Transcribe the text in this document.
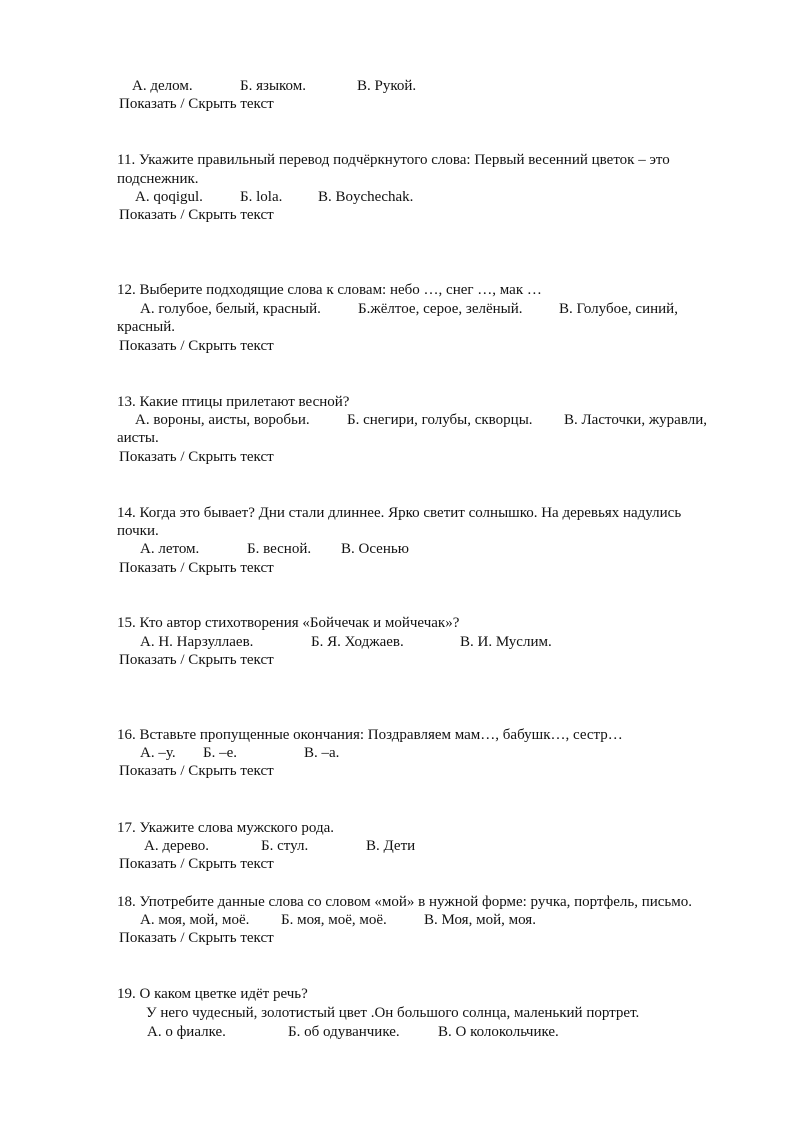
А. делом.	Б. языком.	В. Рукой.
Показать / Скрыть текст
11. Укажите правильный перевод подчёркнутого слова: Первый весенний цветок – это
подснежник.
А. qoqigul. Б. lola. В. Boychechak.
Показать / Скрыть текст
12. Выберите подходящие слова к словам: небо …, снег …, мак …
А. голубое, белый, красный. Б.жёлтое, серое, зелёный. В. Голубое, синий,
красный.
Показать / Скрыть текст
13. Какие птицы прилетают весной?
А. вороны, аисты, воробьи. Б. снегири, голубы, скворцы. В. Ласточки, журавли,
аисты.
Показать / Скрыть текст
14. Когда это бывает? Дни стали длиннее. Ярко светит солнышко. На деревьях надулись
почки.
А. летом.	Б. весной. В. Осенью
Показать / Скрыть текст
15. Кто автор стихотворения «Бойчечак и мойчечак»?
А. Н. Нарзуллаев.	Б. Я. Ходжаев.	В. И. Муслим.
Показать / Скрыть текст
16. Вставьте пропущенные окончания: Поздравляем мам…, бабушк…, сестр…
А. –у. Б. –е.	В. –а.
Показать / Скрыть текст
17. Укажите слова мужского рода.
А. дерево.	Б. стул.	В. Дети
Показать / Скрыть текст
18. Употребите данные слова со словом «мой» в нужной форме: ручка, портфель, письмо.
А. моя, мой, моё. Б. моя, моё, моё. В. Моя, мой, моя.
Показать / Скрыть текст
19. О каком цветке идёт речь?
У него чудесный, золотистый цвет .Он большого солнца, маленький портрет.
А. о фиалке.	Б. об одуванчике.	В. О колокольчике.
